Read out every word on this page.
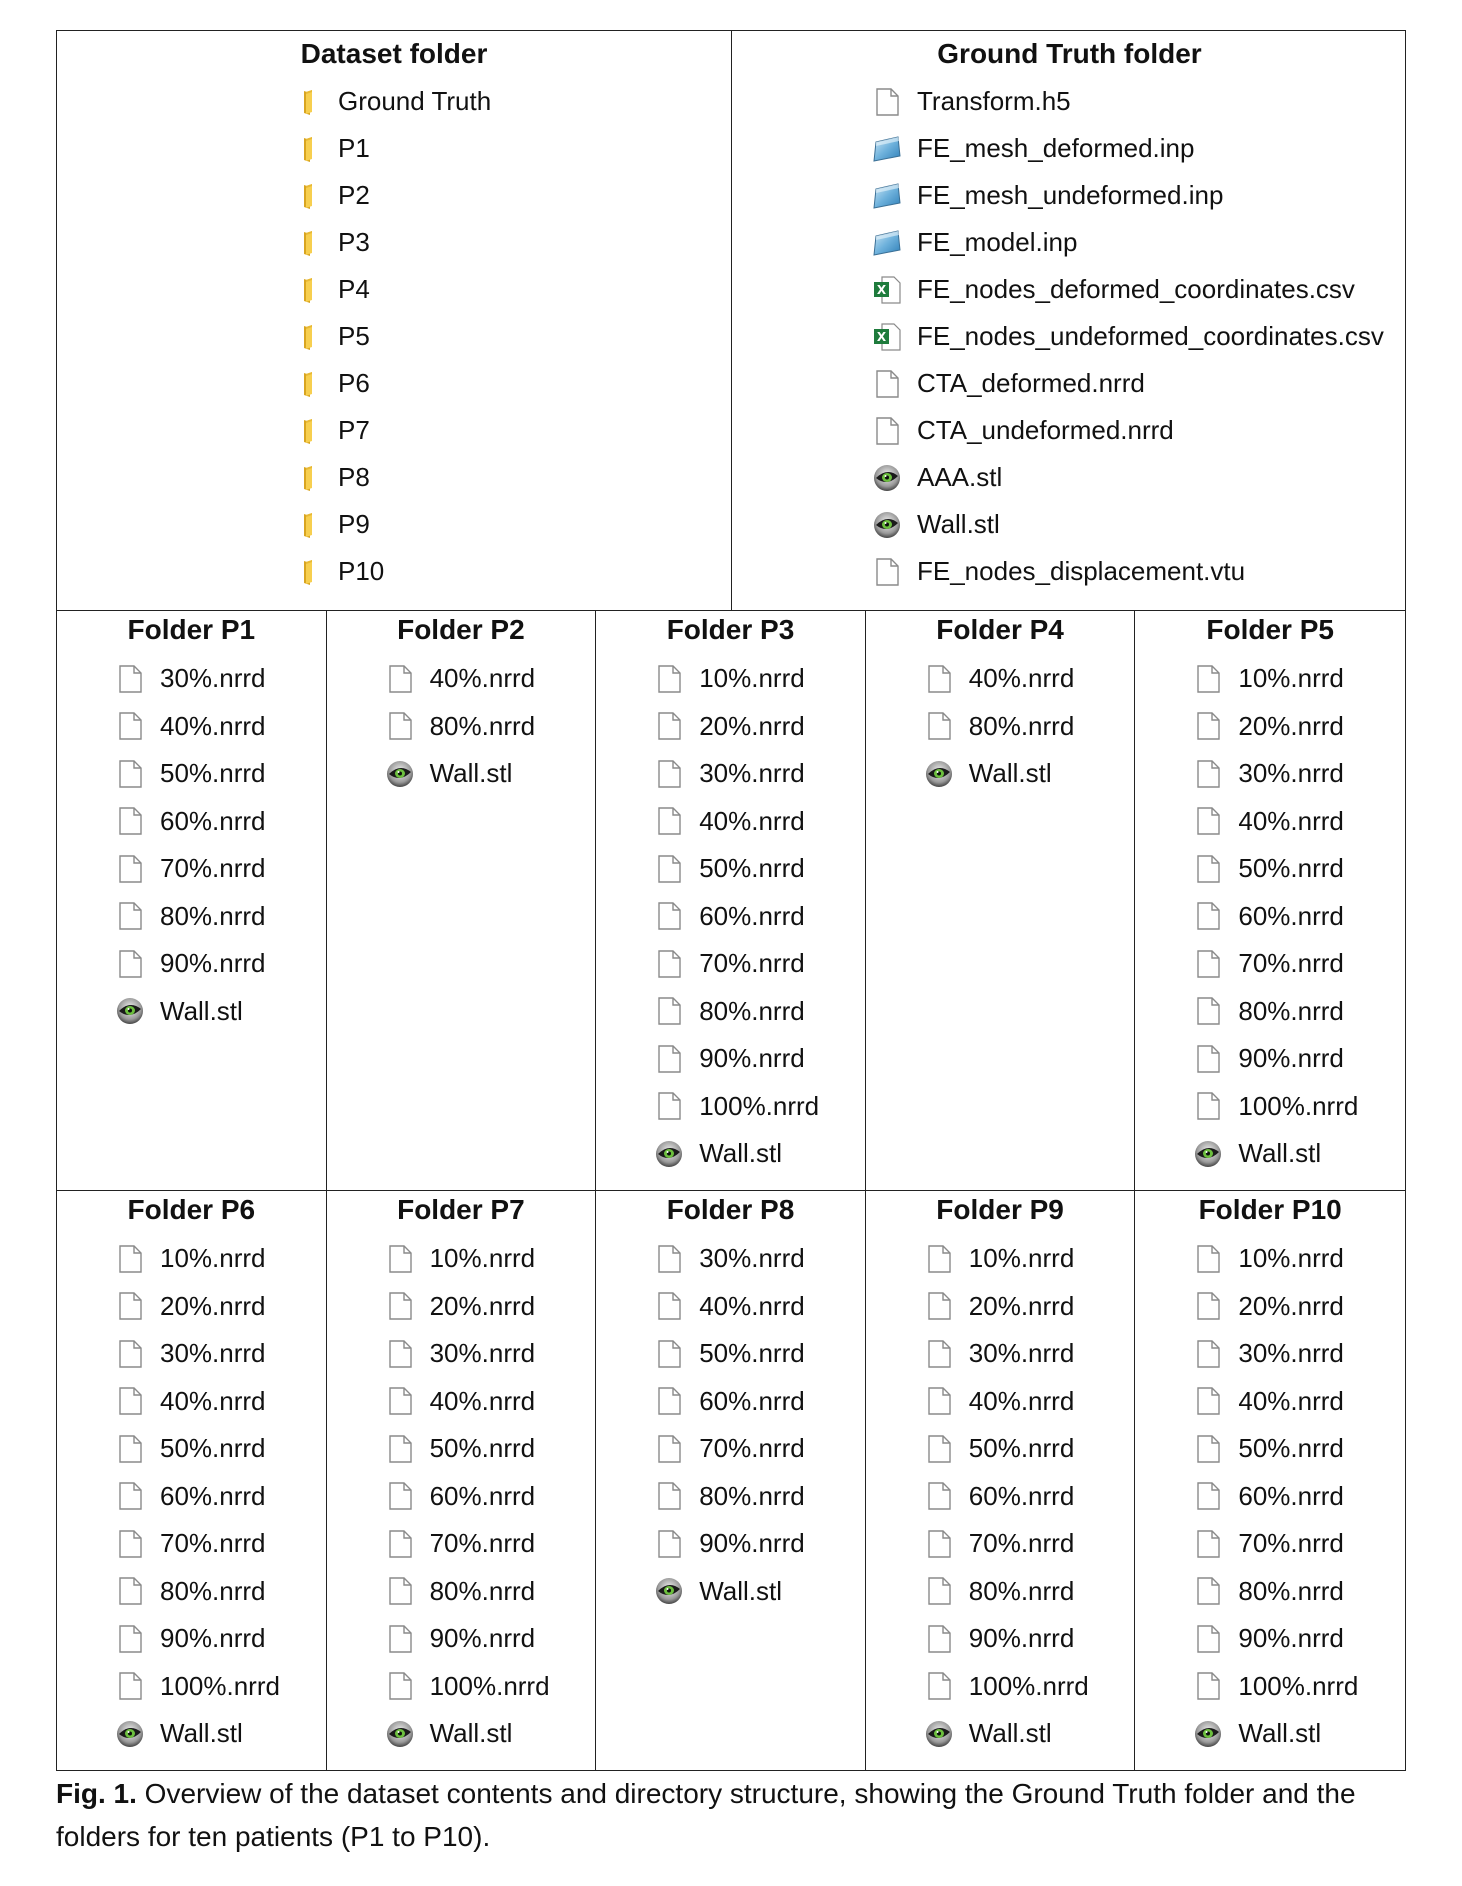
Dataset folder
Ground Truth
P1
P2
P3
P4
P5
P6
P7
P8
P9
P10
Ground Truth folder
Transform.h5
FE_mesh_deformed.inp
FE_mesh_undeformed.inp
FE_model.inp
X FE_nodes_deformed_coordinates.csv
X FE_nodes_undeformed_coordinates.csv
CTA_deformed.nrrd
CTA_undeformed.nrrd
AAA.stl
Wall.stl
FE_nodes_displacement.vtu
Folder P1
30%.nrrd
40%.nrrd
50%.nrrd
60%.nrrd
70%.nrrd
80%.nrrd
90%.nrrd
Wall.stl
Folder P2
40%.nrrd
80%.nrrd
Wall.stl
Folder P3
10%.nrrd
20%.nrrd
30%.nrrd
40%.nrrd
50%.nrrd
60%.nrrd
70%.nrrd
80%.nrrd
90%.nrrd
100%.nrrd
Wall.stl
Folder P4
40%.nrrd
80%.nrrd
Wall.stl
Folder P5
10%.nrrd
20%.nrrd
30%.nrrd
40%.nrrd
50%.nrrd
60%.nrrd
70%.nrrd
80%.nrrd
90%.nrrd
100%.nrrd
Wall.stl
Folder P6
10%.nrrd
20%.nrrd
30%.nrrd
40%.nrrd
50%.nrrd
60%.nrrd
70%.nrrd
80%.nrrd
90%.nrrd
100%.nrrd
Wall.stl
Folder P7
10%.nrrd
20%.nrrd
30%.nrrd
40%.nrrd
50%.nrrd
60%.nrrd
70%.nrrd
80%.nrrd
90%.nrrd
100%.nrrd
Wall.stl
Folder P8
30%.nrrd
40%.nrrd
50%.nrrd
60%.nrrd
70%.nrrd
80%.nrrd
90%.nrrd
Wall.stl
Folder P9
10%.nrrd
20%.nrrd
30%.nrrd
40%.nrrd
50%.nrrd
60%.nrrd
70%.nrrd
80%.nrrd
90%.nrrd
100%.nrrd
Wall.stl
Folder P10
10%.nrrd
20%.nrrd
30%.nrrd
40%.nrrd
50%.nrrd
60%.nrrd
70%.nrrd
80%.nrrd
90%.nrrd
100%.nrrd
Wall.stl
Fig. 1. Overview of the dataset contents and directory structure, showing the Ground Truth folder and the folders for ten patients (P1 to P10).
